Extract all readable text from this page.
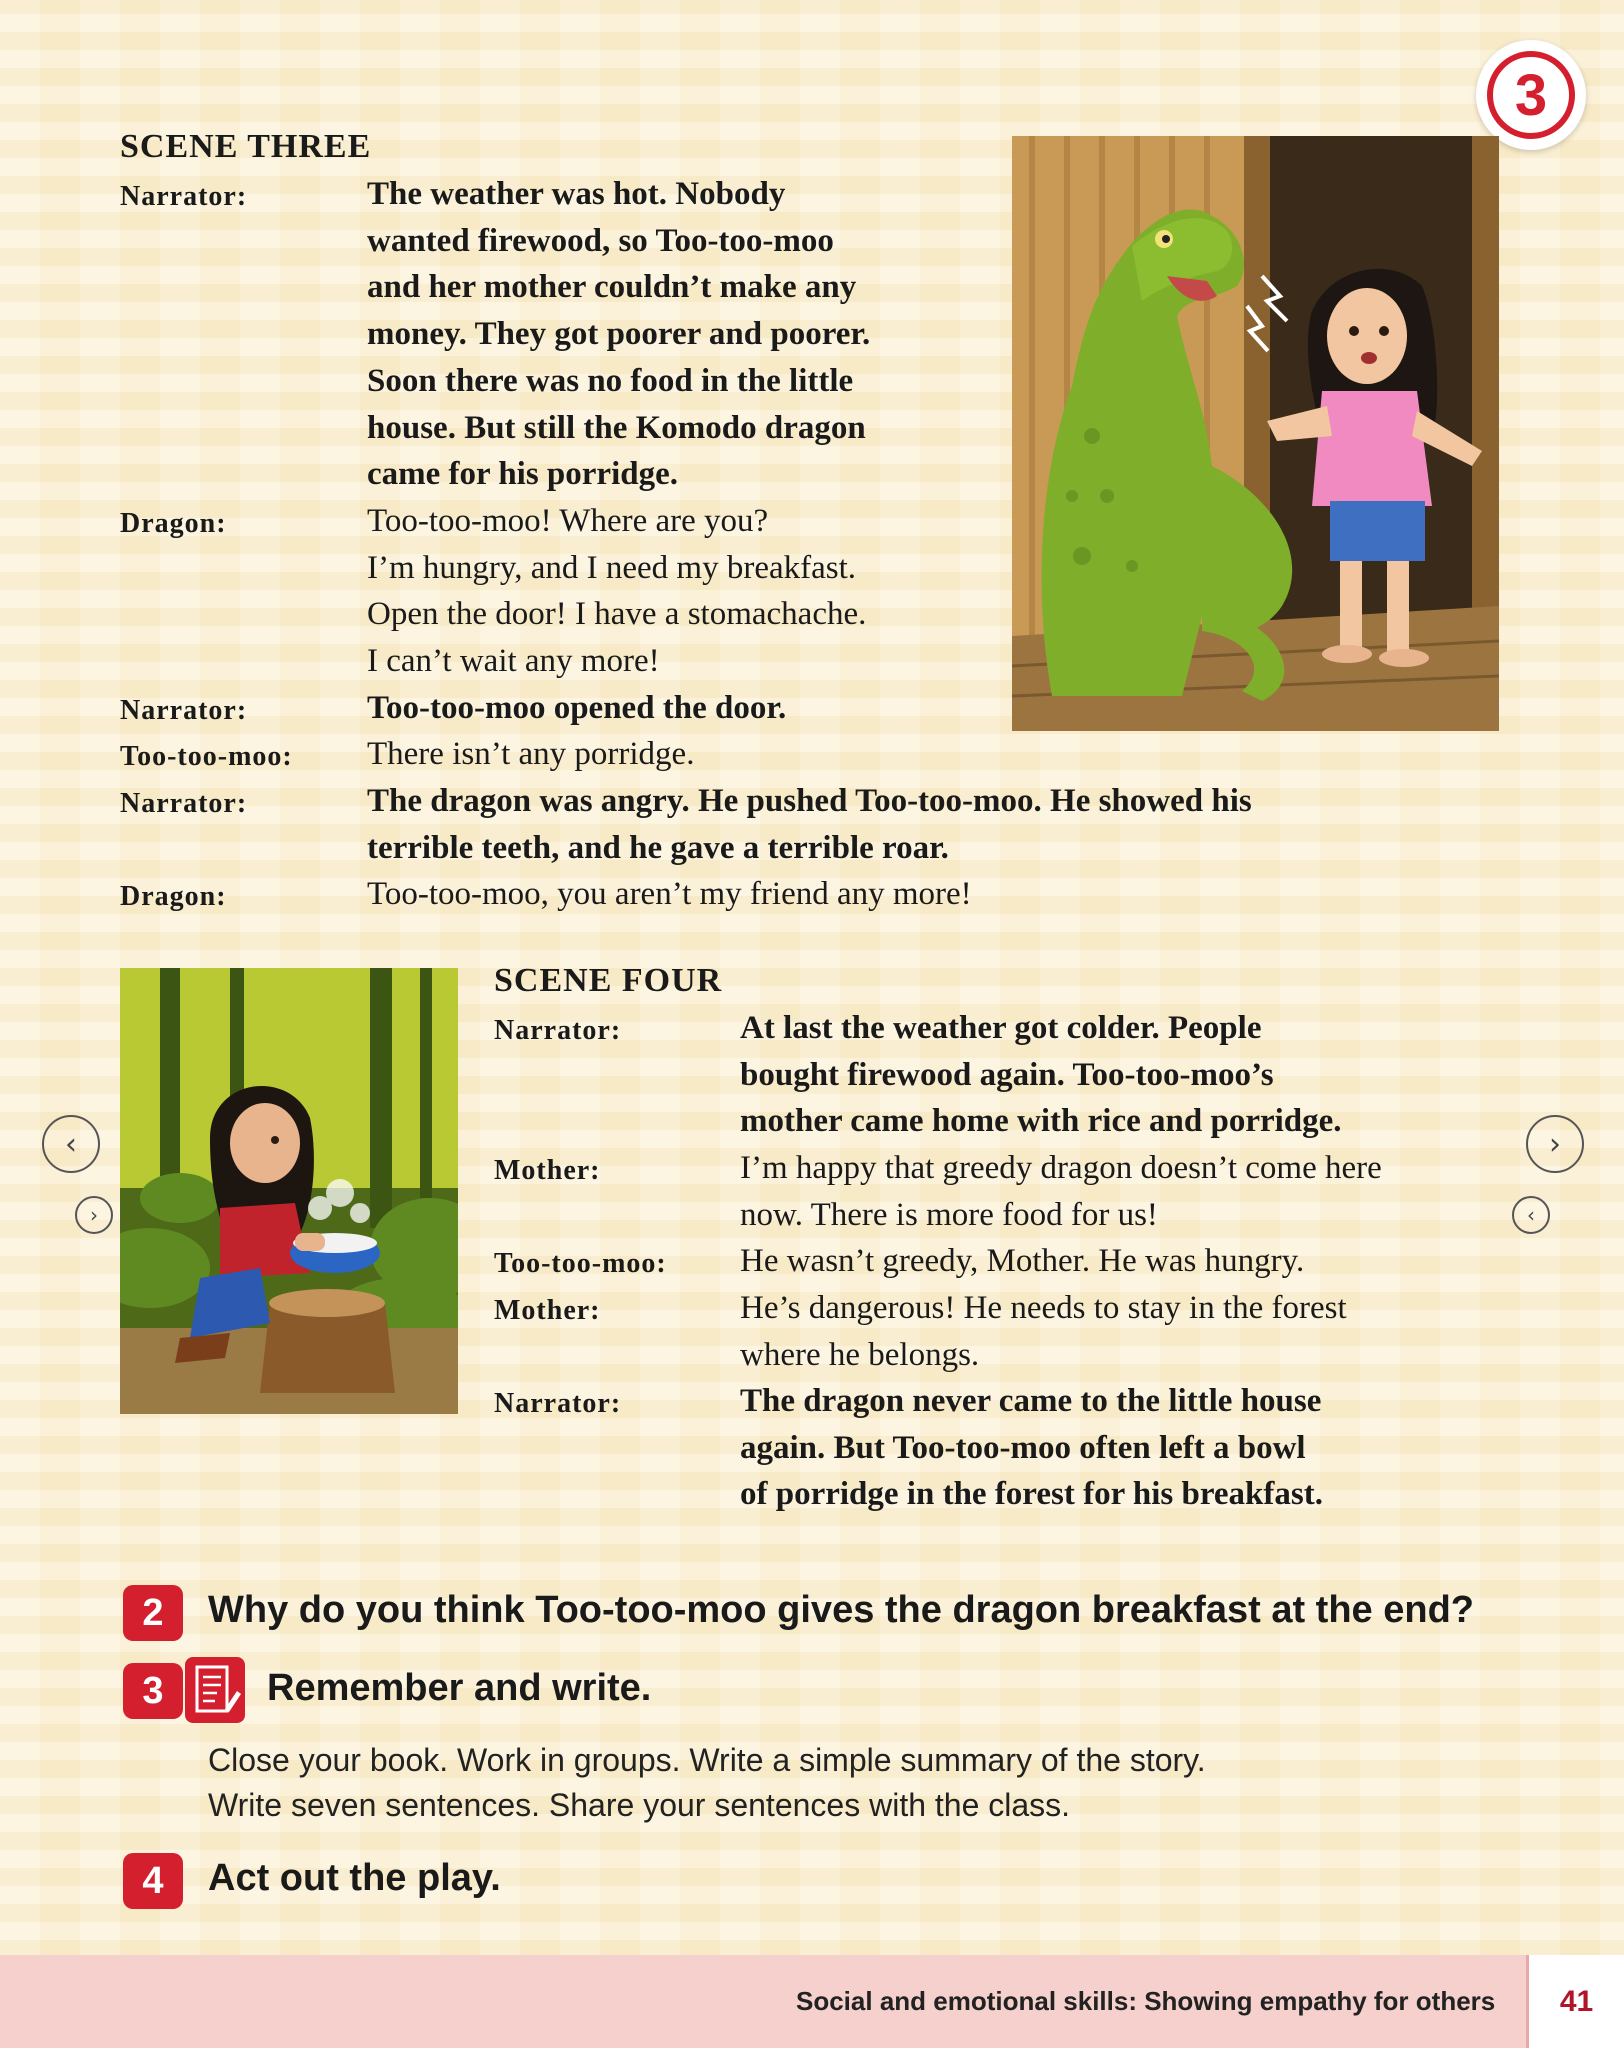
3
SCENE THREE
Narrator:	The weather was hot. Nobody
wanted firewood, so Too-too-moo
and her mother couldn’t make any
money. They got poorer and poorer.
Soon there was no food in the little
house. But still the Komodo dragon
came for his porridge.
Dragon:	Too-too-moo! Where are you?
I’m hungry, and I need my breakfast.
Open the door! I have a stomachache.
I can’t wait any more!
Narrator:	Too-too-moo opened the door.
Too-too-moo: There isn’t any porridge.
Narrator:	The dragon was angry. He pushed Too-too-moo. He showed his
terrible teeth, and he gave a terrible roar.
Dragon:	Too-too-moo, you aren’t my friend any more!
SCENE FOUR
Narrator:	At last the weather got colder. People
bought firewood again. Too-too-moo’s
mother came home with rice and porridge.
Mother:	I’m happy that greedy dragon doesn’t come here
now. There is more food for us!
Too-too-moo: He wasn’t greedy, Mother. He was hungry.
Mother:	He’s dangerous! He needs to stay in the forest
where he belongs.
Narrator:	The dragon never came to the little house
again. But Too-too-moo often left a bowl
of porridge in the forest for his breakfast.
‹
›
›
‹
2	Why do you think Too-too-moo gives the dragon breakfast at the end?
3	Remember and write.
Close your book. Work in groups. Write a simple summary of the story.
Write seven sentences. Share your sentences with the class.
4	Act out the play.
Social and emotional skills: Showing empathy for others	41
